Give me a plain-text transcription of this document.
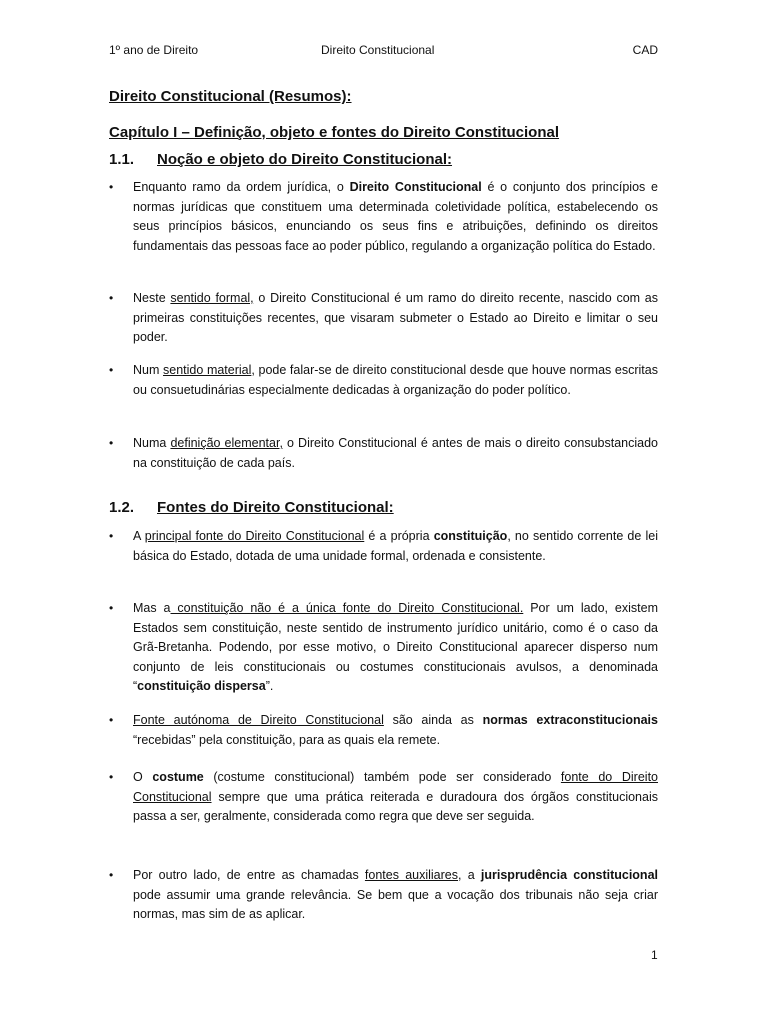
1º ano de Direito	Direito Constitucional	CAD
Direito Constitucional (Resumos):
Capítulo I – Definição, objeto e fontes do Direito Constitucional
1.1. Noção e objeto do Direito Constitucional:
• Enquanto ramo da ordem jurídica, o Direito Constitucional é o conjunto dos princípios e normas jurídicas que constituem uma determinada coletividade política, estabelecendo os seus princípios básicos, enunciando os seus fins e atribuições, definindo os direitos fundamentais das pessoas face ao poder público, regulando a organização política do Estado.
• Neste sentido formal, o Direito Constitucional é um ramo do direito recente, nascido com as primeiras constituições recentes, que visaram submeter o Estado ao Direito e limitar o seu poder.
• Num sentido material, pode falar-se de direito constitucional desde que houve normas escritas ou consuetudinárias especialmente dedicadas à organização do poder político.
• Numa definição elementar, o Direito Constitucional é antes de mais o direito consubstanciado na constituição de cada país.
1.2. Fontes do Direito Constitucional:
• A principal fonte do Direito Constitucional é a própria constituição, no sentido corrente de lei básica do Estado, dotada de uma unidade formal, ordenada e consistente.
• Mas a constituição não é a única fonte do Direito Constitucional. Por um lado, existem Estados sem constituição, neste sentido de instrumento jurídico unitário, como é o caso da Grã-Bretanha. Podendo, por esse motivo, o Direito Constitucional aparecer disperso num conjunto de leis constitucionais ou costumes constitucionais avulsos, a denominada “constituição dispersa”.
• Fonte autónoma de Direito Constitucional são ainda as normas extraconstitucionais “recebidas” pela constituição, para as quais ela remete.
• O costume (costume constitucional) também pode ser considerado fonte do Direito Constitucional sempre que uma prática reiterada e duradoura dos órgãos constitucionais passa a ser, geralmente, considerada como regra que deve ser seguida.
• Por outro lado, de entre as chamadas fontes auxiliares, a jurisprudência constitucional pode assumir uma grande relevância. Se bem que a vocação dos tribunais não seja criar normas, mas sim de as aplicar.
1
